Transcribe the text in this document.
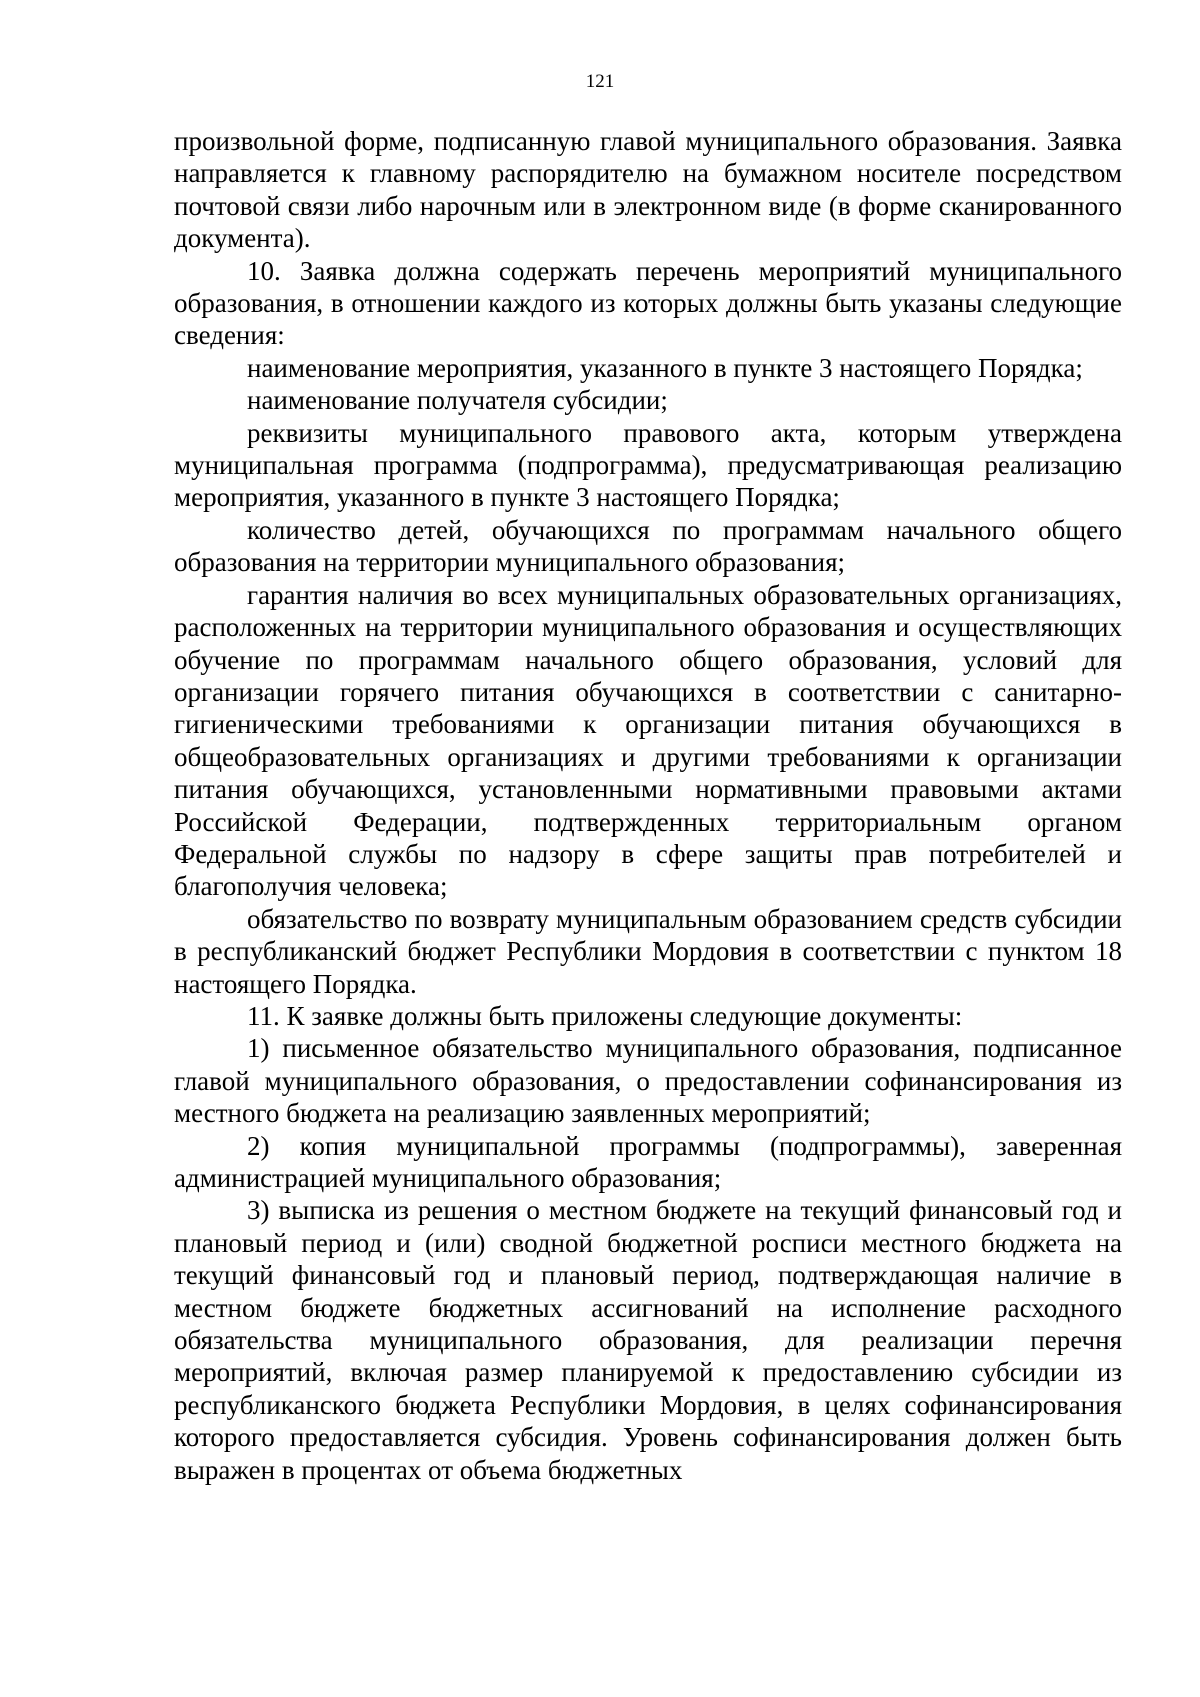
121

произвольной форме, подписанную главой муниципального образования. Заявка направляется к главному распорядителю на бумажном носителе посредством почтовой связи либо нарочным или в электронном виде (в форме сканированного документа).

10. Заявка должна содержать перечень мероприятий муниципального образования, в отношении каждого из которых должны быть указаны следующие сведения:

наименование мероприятия, указанного в пункте 3 настоящего Порядка;

наименование получателя субсидии;

реквизиты муниципального правового акта, которым утверждена муниципальная программа (подпрограмма), предусматривающая реализацию мероприятия, указанного в пункте 3 настоящего Порядка;

количество детей, обучающихся по программам начального общего образования на территории муниципального образования;

гарантия наличия во всех муниципальных образовательных организациях, расположенных на территории муниципального образования и осуществляющих обучение по программам начального общего образования, условий для организации горячего питания обучающихся в соответствии с санитарно-гигиеническими требованиями к организации питания обучающихся в общеобразовательных организациях и другими требованиями к организации питания обучающихся, установленными нормативными правовыми актами Российской Федерации, подтвержденных территориальным органом Федеральной службы по надзору в сфере защиты прав потребителей и благополучия человека;

обязательство по возврату муниципальным образованием средств субсидии в республиканский бюджет Республики Мордовия в соответствии с пунктом 18 настоящего Порядка.

11. К заявке должны быть приложены следующие документы:

1) письменное обязательство муниципального образования, подписанное главой муниципального образования, о предоставлении софинансирования из местного бюджета на реализацию заявленных мероприятий;

2) копия муниципальной программы (подпрограммы), заверенная администрацией муниципального образования;

3) выписка из решения о местном бюджете на текущий финансовый год и плановый период и (или) сводной бюджетной росписи местного бюджета на текущий финансовый год и плановый период, подтверждающая наличие в местном бюджете бюджетных ассигнований на исполнение расходного обязательства муниципального образования, для реализации перечня мероприятий, включая размер планируемой к предоставлению субсидии из республиканского бюджета Республики Мордовия, в целях софинансирования которого предоставляется субсидия. Уровень софинансирования должен быть выражен в процентах от объема бюджетных
